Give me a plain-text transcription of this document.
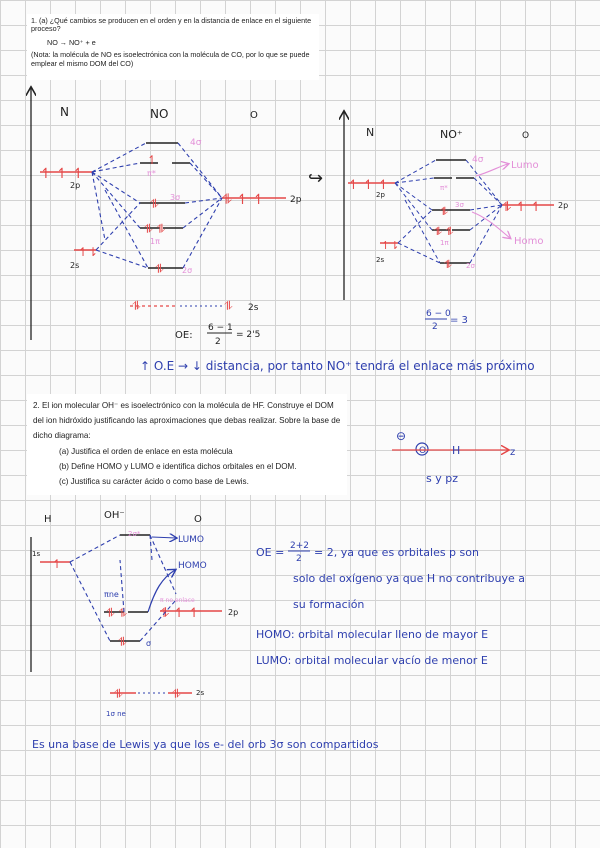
1. (a) ¿Qué cambios se producen en el orden y en la distancia de enlace en el siguiente proceso?

NO → NO⁺ + e

(Nota: la molécula de NO es isoelectrónica con la molécula de CO, por lo que se puede emplear el mismo DOM del CO)

2. El ion molecular OH⁻ es isoelectrónico con la molécula de HF. Construye el DOM del ion hidróxido justificando las aproximaciones que debas realizar. Sobre la base de dicho diagrama:

(a) Justifica el orden de enlace en esta molécula

(b) Define HOMO y LUMO e identifica dichos orbitales en el DOM.

(c) Justifica su carácter ácido o como base de Lewis.

N	NO	O
↿ ↿ ↿
2p
↿⇂
2s
4σ
↿
π*
⥮ 3σ
⥮ ⥮
1π
⥮ 2σ
⥮ ↿ ↿	2p
⥮	⥮ 2s
OE:
6 − 1
2
= 2'5
↪
N	NO⁺	O
↿ ↿ ↿
2p
↿⇂
2s
4σ
π*
⥮ 3σ
⥮ ⥮
1π
⥮ 2σ
⥮ ↿ ↿ 2p
Lumo
Homo
6 − 0
2
= 3
↑ O.E → ↓ distancia, por tanto NO⁺ tendrá el enlace más próximo
⊖
O H	z
s y pz
H	OH⁻	O
↿
1s
2σ*
LUMO
HOMO
π no enlace
πne
⥮ ⥮
⥮ σ
⥮ ↿ ↿	2p
⥮	⥮ 2s
1σ ne
OE = 2+2
2 = 2, ya que es orbitales p son
solo del oxígeno ya que H no contribuye a
su formación
HOMO: orbital molecular lleno de mayor E
LUMO: orbital molecular vacío de menor E
Es una base de Lewis ya que los e- del orb 3σ son compartidos
